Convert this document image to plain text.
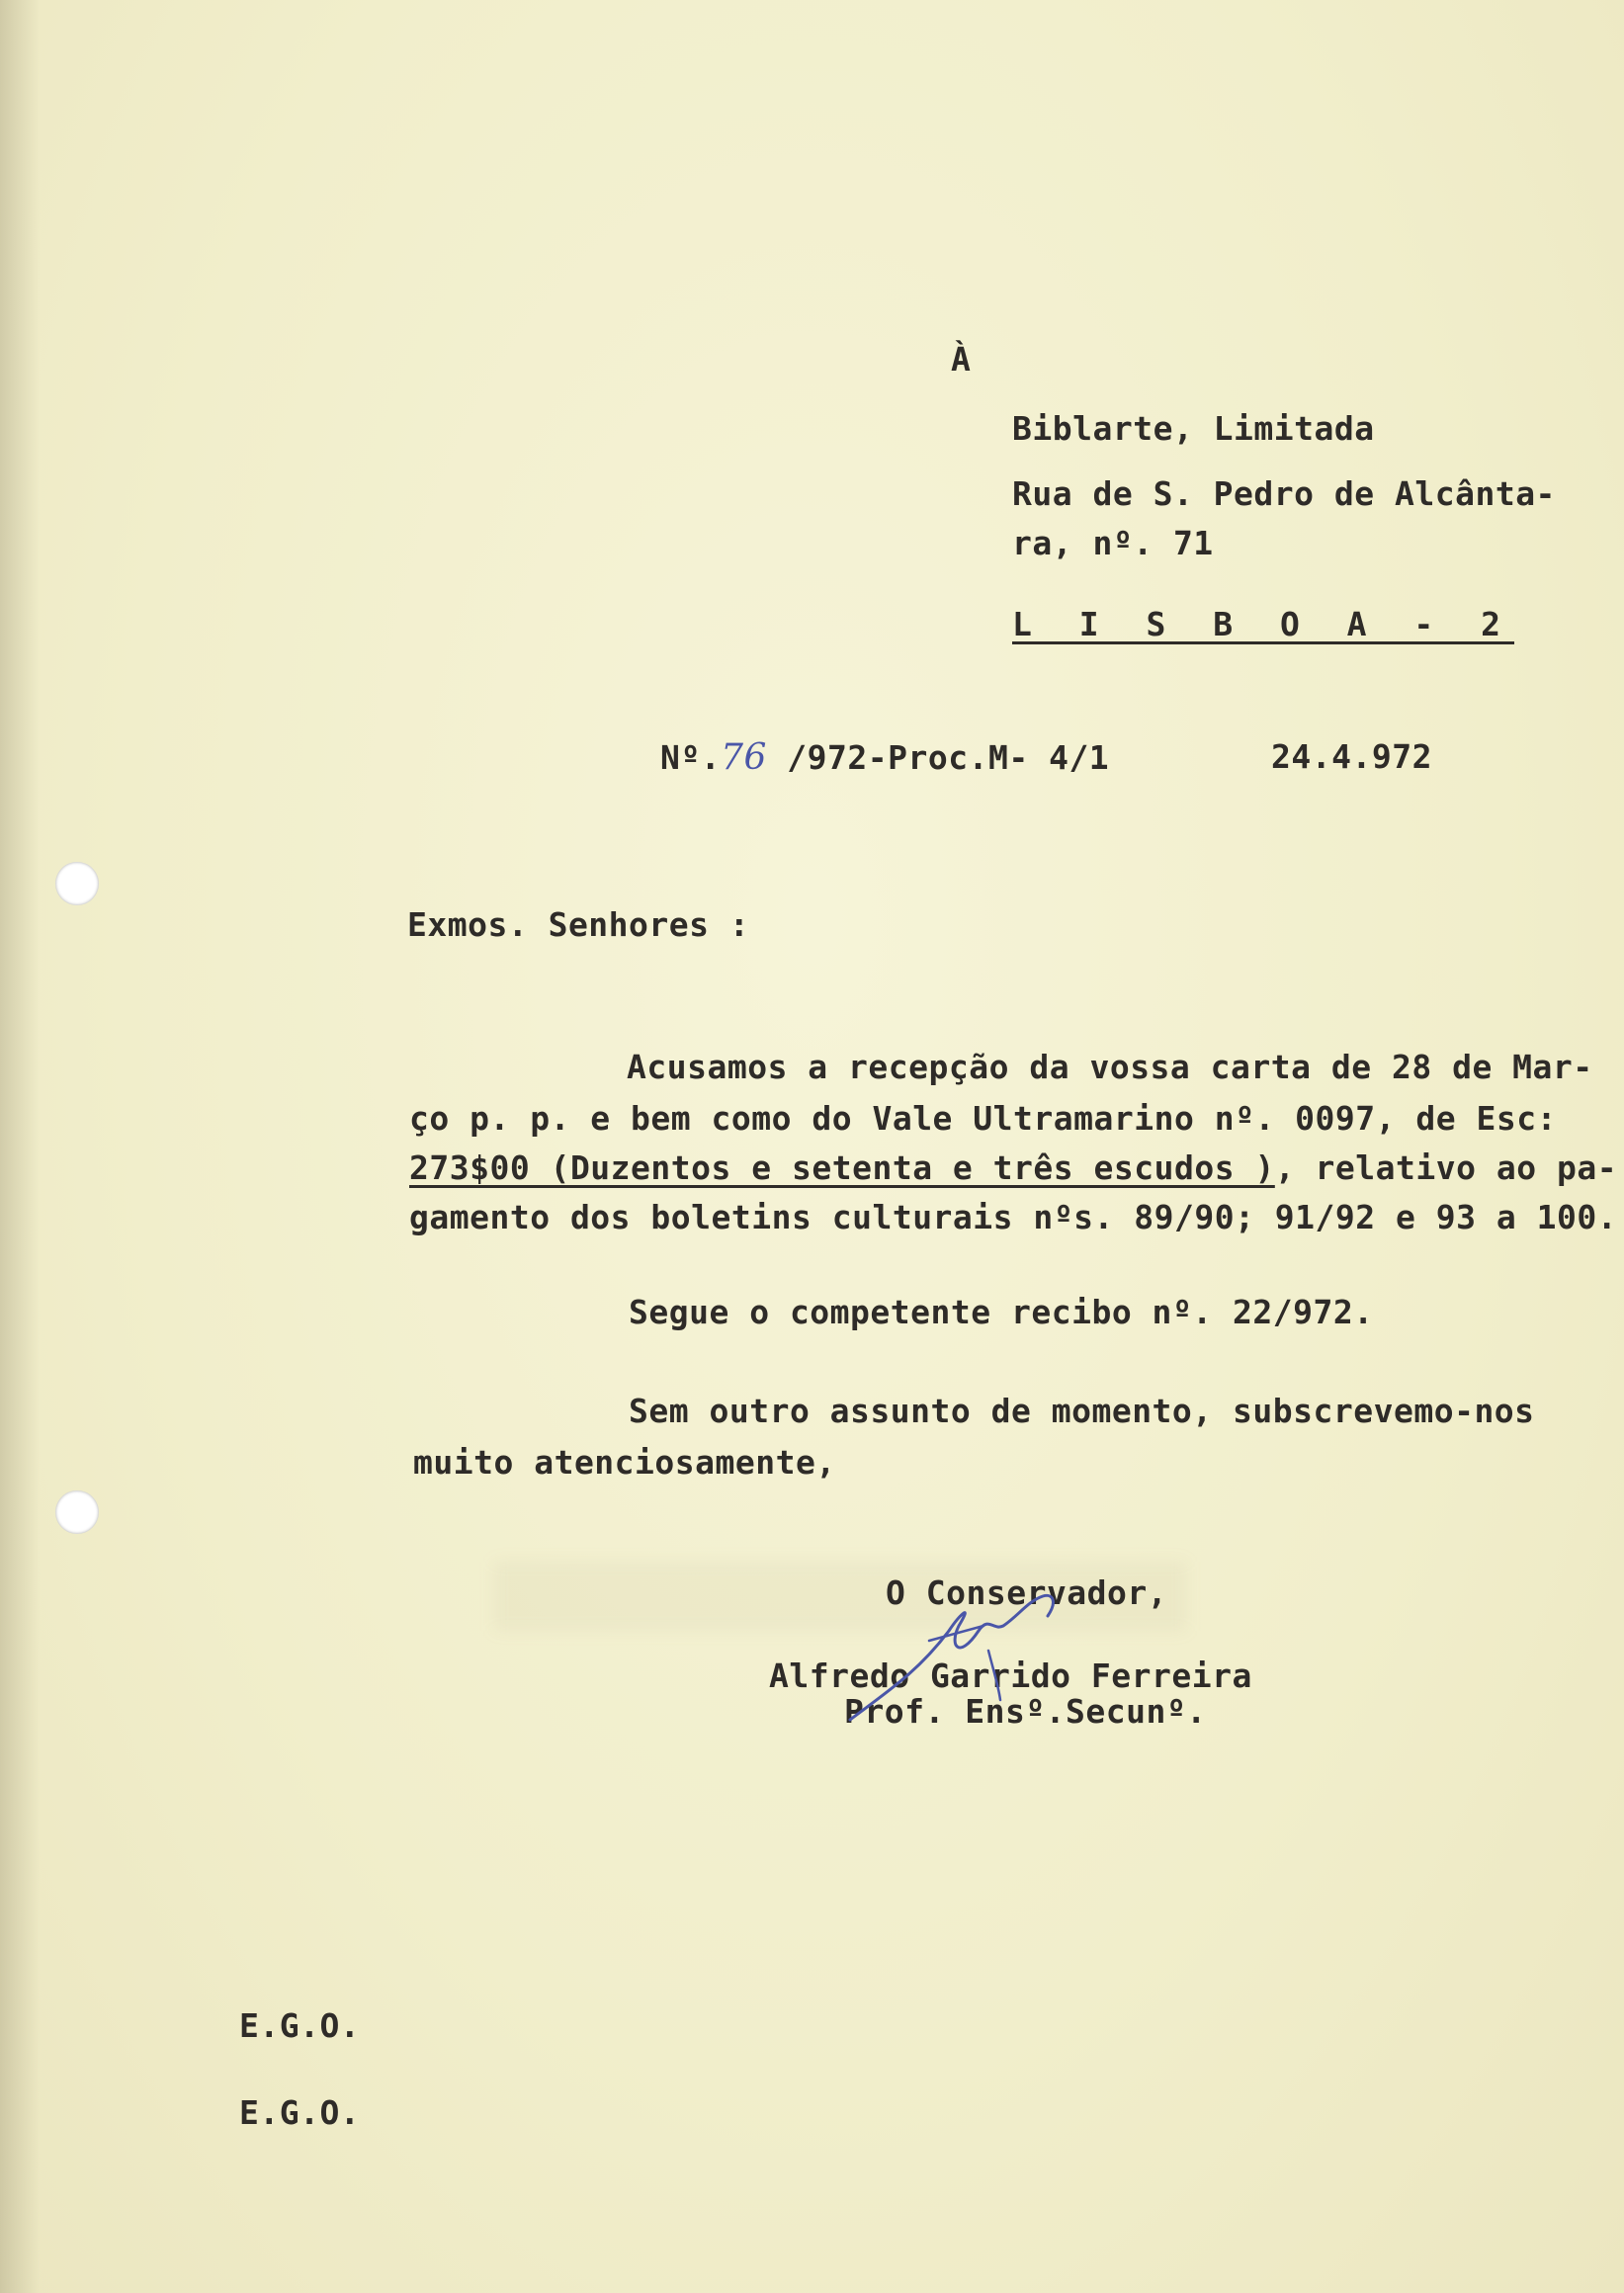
À
Biblarte, Limitada
Rua de S. Pedro de Alcânta-
ra, nº. 71
L I S B O A - 2
Nº.76 /972-Proc.M- 4/1	24.4.972
Exmos. Senhores :
Acusamos a recepção da vossa carta de 28 de Mar-
ço p. p. e bem como do Vale Ultramarino nº. 0097, de Esc:
273$00 (Duzentos e setenta e três escudos ), relativo ao pa-
gamento dos boletins culturais nºs. 89/90; 91/92 e 93 a 100.
Segue o competente recibo nº. 22/972.
Sem outro assunto de momento, subscrevemo-nos
muito atenciosamente,
O Conservador,
Alfredo Garrido Ferreira
Prof. Ensº.Secunº.
E.G.O.
E.G.O.
